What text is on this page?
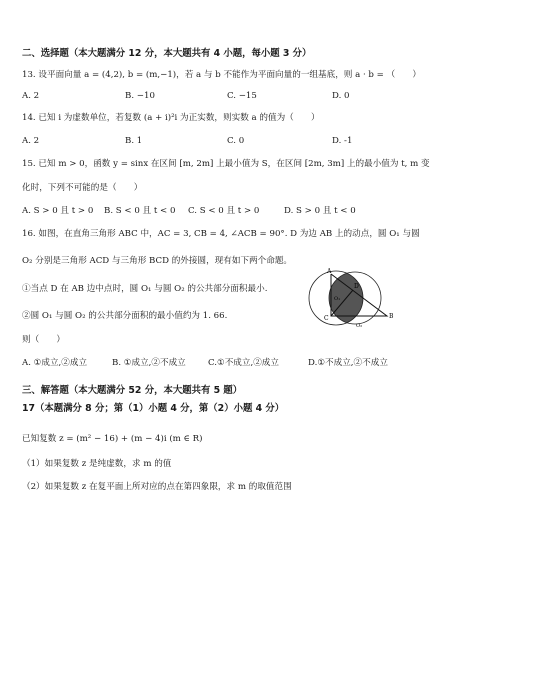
二、选择题（本大题满分 12 分，本大题共有 4 小题，每小题 3 分）
13. 设平面向量 a = (4,2), b = (m,−1)，若 a 与 b 不能作为平面向量的一组基底，则 a · b = （　　）
A. 2	B. −10	C. −15	D. 0
14. 已知 i 为虚数单位，若复数 (a + i)²i 为正实数，则实数 a 的值为（　　）
A. 2	B. 1	C. 0	D. -1
15. 已知 m > 0，函数 y = sinx 在区间 [m, 2m] 上最小值为 S，在区间 [2m, 3m] 上的最小值为 t, m 变
化时，下列不可能的是（　　）
A. S > 0 且 t > 0 B. S < 0 且 t < 0 C. S < 0 且 t > 0	D. S > 0 且 t < 0
16. 如图，在直角三角形 ABC 中，AC = 3, CB = 4, ∠ACB = 90°. D 为边 AB 上的动点，圆 O₁ 与圆
O₂ 分别是三角形 ACD 与三角形 BCD 的外接圆，现有如下两个命题。
①当点 D 在 AB 边中点时，圆 O₁ 与圆 O₂ 的公共部分面积最小.
②圆 O₁ 与圆 O₂ 的公共部分面积的最小值约为 1. 66.
则（　　）
A. ①成立,②成立	B. ①成立,②不成立	C.①不成立,②成立	D.①不成立,②不成立
A
B
C
D
O₁
O₂
三、解答题（本大题满分 52 分，本大题共有 5 题）
17（本题满分 8 分；第（1）小题 4 分，第（2）小题 4 分）
已知复数 z = (m² − 16) + (m − 4)i (m ∈ R)
（1）如果复数 z 是纯虚数，求 m 的值
（2）如果复数 z 在复平面上所对应的点在第四象限，求 m 的取值范围
